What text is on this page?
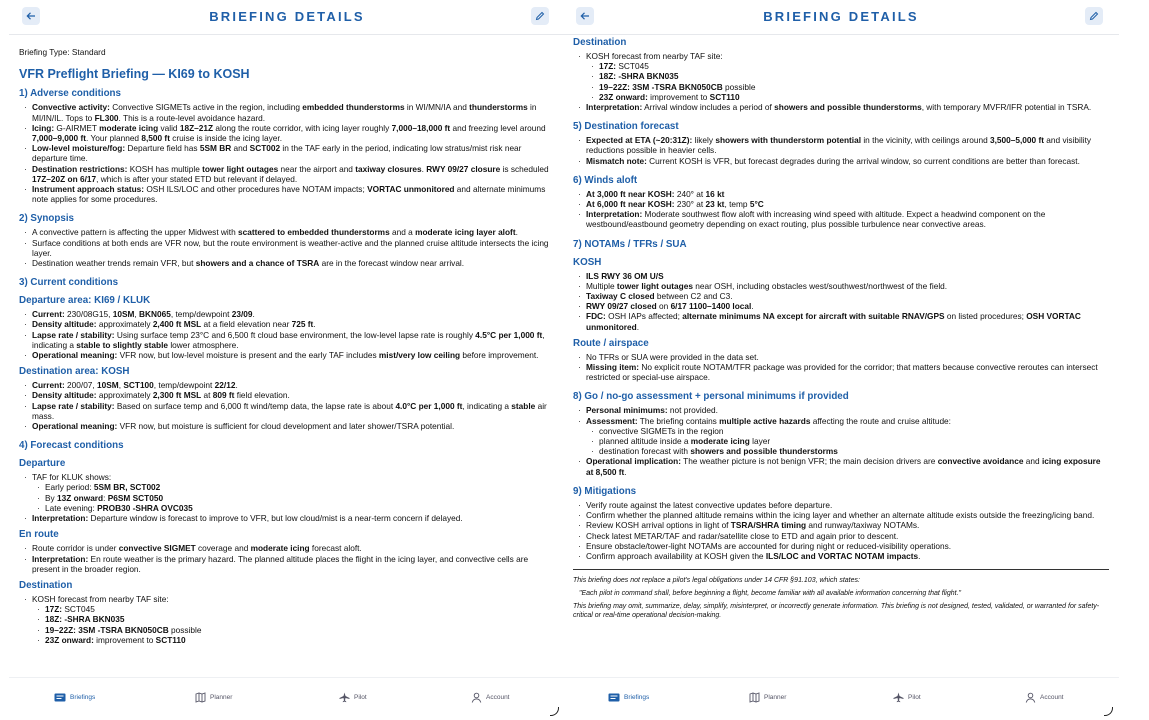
BRIEFING DETAILS
Briefing Type: Standard
VFR Preflight Briefing — KI69 to KOSH
1) Adverse conditions
· Convective activity: Convective SIGMETs active in the region, including embedded thunderstorms in WI/MN/IA and thunderstorms in MI/IN/IL. Tops to FL300. This is a route-level avoidance hazard.
· Icing: G-AIRMET moderate icing valid 18Z–21Z along the route corridor, with icing layer roughly 7,000–18,000 ft and freezing level around 7,000–9,000 ft. Your planned 8,500 ft cruise is inside the icing layer.
· Low-level moisture/fog: Departure field has 5SM BR and SCT002 in the TAF early in the period, indicating low stratus/mist risk near departure time.
· Destination restrictions: KOSH has multiple tower light outages near the airport and taxiway closures. RWY 09/27 closure is scheduled 17Z–20Z on 6/17, which is after your stated ETD but relevant if delayed.
· Instrument approach status: OSH ILS/LOC and other procedures have NOTAM impacts; VORTAC unmonitored and alternate minimums note applies for some procedures.
2) Synopsis
· A convective pattern is affecting the upper Midwest with scattered to embedded thunderstorms and a moderate icing layer aloft.
· Surface conditions at both ends are VFR now, but the route environment is weather-active and the planned cruise altitude intersects the icing layer.
· Destination weather trends remain VFR, but showers and a chance of TSRA are in the forecast window near arrival.
3) Current conditions
Departure area: KI69 / KLUK
· Current: 230/08G15, 10SM, BKN065, temp/dewpoint 23/09.
· Density altitude: approximately 2,400 ft MSL at a field elevation near 725 ft.
· Lapse rate / stability: Using surface temp 23°C and 6,500 ft cloud base environment, the low-level lapse rate is roughly 4.5°C per 1,000 ft, indicating a stable to slightly stable lower atmosphere.
· Operational meaning: VFR now, but low-level moisture is present and the early TAF includes mist/very low ceiling before improvement.
Destination area: KOSH
· Current: 200/07, 10SM, SCT100, temp/dewpoint 22/12.
· Density altitude: approximately 2,300 ft MSL at 809 ft field elevation.
· Lapse rate / stability: Based on surface temp and 6,000 ft wind/temp data, the lapse rate is about 4.0°C per 1,000 ft, indicating a stable air mass.
· Operational meaning: VFR now, but moisture is sufficient for cloud development and later shower/TSRA potential.
4) Forecast conditions
Departure
· TAF for KLUK shows:
· Early period: 5SM BR, SCT002
· By 13Z onward: P6SM SCT050
· Late evening: PROB30 -SHRA OVC035
· Interpretation: Departure window is forecast to improve to VFR, but low cloud/mist is a near-term concern if delayed.
En route
· Route corridor is under convective SIGMET coverage and moderate icing forecast aloft.
· Interpretation: En route weather is the primary hazard. The planned altitude places the flight in the icing layer, and convective cells are present in the broader region.
Destination
· KOSH forecast from nearby TAF site:
· 17Z: SCT045
· 18Z: -SHRA BKN035
· 19–22Z: 3SM -TSRA BKN050CB possible
· 23Z onward: improvement to SCT110
Briefings	Planner	Pilot	Account
BRIEFING DETAILS
Destination
· KOSH forecast from nearby TAF site:
· 17Z: SCT045
· 18Z: -SHRA BKN035
· 19–22Z: 3SM -TSRA BKN050CB possible
· 23Z onward: improvement to SCT110
· Interpretation: Arrival window includes a period of showers and possible thunderstorms, with temporary MVFR/IFR potential in TSRA.
5) Destination forecast
· Expected at ETA (~20:31Z): likely showers with thunderstorm potential in the vicinity, with ceilings around 3,500–5,000 ft and visibility reductions possible in heavier cells.
· Mismatch note: Current KOSH is VFR, but forecast degrades during the arrival window, so current conditions are better than forecast.
6) Winds aloft
· At 3,000 ft near KOSH: 240° at 16 kt
· At 6,000 ft near KOSH: 230° at 23 kt, temp 5°C
· Interpretation: Moderate southwest flow aloft with increasing wind speed with altitude. Expect a headwind component on the westbound/eastbound geometry depending on exact routing, plus possible turbulence near convective areas.
7) NOTAMs / TFRs / SUA
KOSH
· ILS RWY 36 OM U/S
· Multiple tower light outages near OSH, including obstacles west/southwest/northwest of the field.
· Taxiway C closed between C2 and C3.
· RWY 09/27 closed on 6/17 1100–1400 local.
· FDC: OSH IAPs affected; alternate minimums NA except for aircraft with suitable RNAV/GPS on listed procedures; OSH VORTAC unmonitored.
Route / airspace
· No TFRs or SUA were provided in the data set.
· Missing item: No explicit route NOTAM/TFR package was provided for the corridor; that matters because convective reroutes can intersect restricted or special-use airspace.
8) Go / no-go assessment + personal minimums if provided
· Personal minimums: not provided.
· Assessment: The briefing contains multiple active hazards affecting the route and cruise altitude:
· convective SIGMETs in the region
· planned altitude inside a moderate icing layer
· destination forecast with showers and possible thunderstorms
· Operational implication: The weather picture is not benign VFR; the main decision drivers are convective avoidance and icing exposure at 8,500 ft.
9) Mitigations
· Verify route against the latest convective updates before departure.
· Confirm whether the planned altitude remains within the icing layer and whether an alternate altitude exists outside the freezing/icing band.
· Review KOSH arrival options in light of TSRA/SHRA timing and runway/taxiway NOTAMs.
· Check latest METAR/TAF and radar/satellite close to ETD and again prior to descent.
· Ensure obstacle/tower-light NOTAMs are accounted for during night or reduced-visibility operations.
· Confirm approach availability at KOSH given the ILS/LOC and VORTAC NOTAM impacts.

This briefing does not replace a pilot's legal obligations under 14 CFR §91.103, which states:

"Each pilot in command shall, before beginning a flight, become familiar with all available information concerning that flight."

This briefing may omit, summarize, delay, simplify, misinterpret, or incorrectly generate information. This briefing is not designed, tested, validated, or warranted for safety-critical or real-time operational decision-making.

Briefings	Planner	Pilot	Account
